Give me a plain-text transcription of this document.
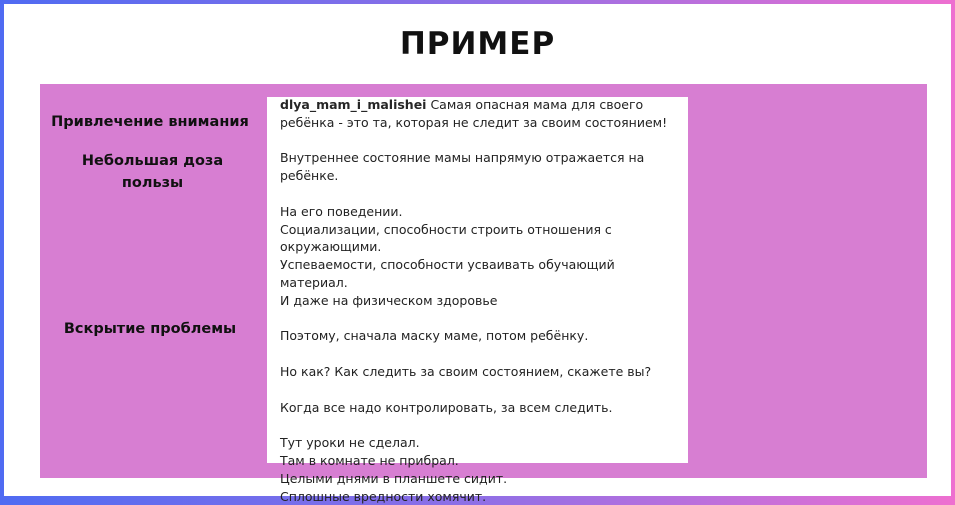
ПРИМЕР
Привлечение внимания
Небольшая доза
пользы
Вскрытие проблемы

dlya_mam_i_malishei Самая опасная мама для своего ребёнка - это та, которая не следит за своим состоянием!

Внутреннее состояние мамы напрямую отражается на ребёнке.

На его поведении.

Социализации, способности строить отношения с окружающими.

Успеваемости, способности усваивать обучающий материал.

И даже на физическом здоровье

Поэтому, сначала маску маме, потом ребёнку.

Но как? Как следить за своим состоянием, скажете вы?

Когда все надо контролировать, за всем следить.

Тут уроки не сделал.

Там в комнате не прибрал.

Целыми днями в планшете сидит.

Сплошные вредности хомячит.
